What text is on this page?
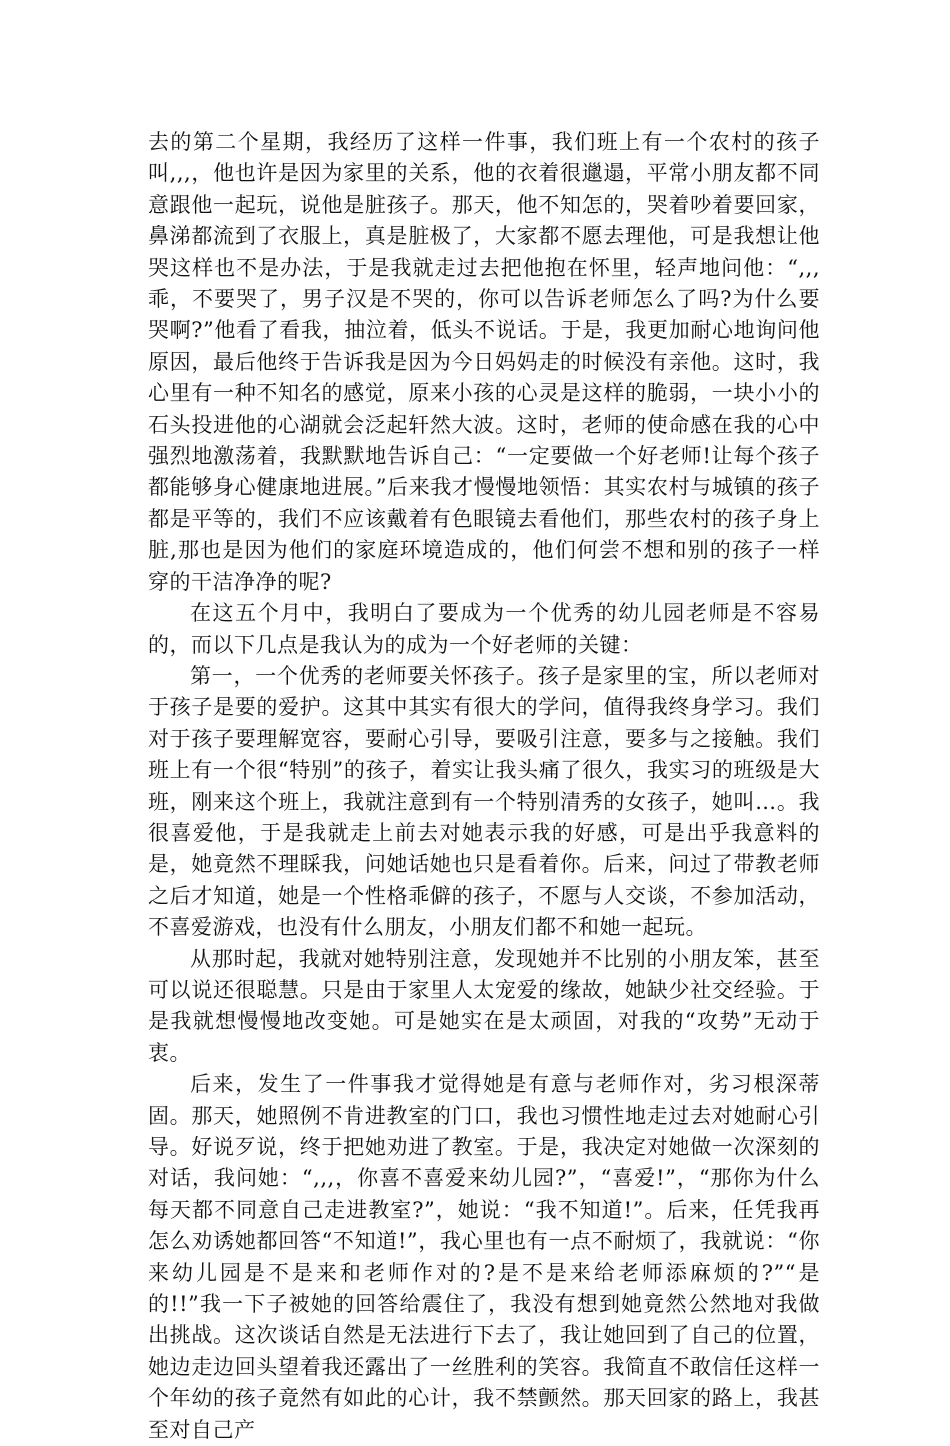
去的第二个星期，我经历了这样一件事，我们班上有一个农村的孩子叫,,,，他也许是因为家里的关系，他的衣着很邋遢，平常小朋友都不同意跟他一起玩，说他是脏孩子。那天，他不知怎的，哭着吵着要回家，鼻涕都流到了衣服上，真是脏极了，大家都不愿去理他，可是我想让他哭这样也不是办法，于是我就走过去把他抱在怀里，轻声地问他：“,,,乖，不要哭了，男子汉是不哭的，你可以告诉老师怎么了吗?为什么要哭啊?”他看了看我，抽泣着，低头不说话。于是，我更加耐心地询问他原因，最后他终于告诉我是因为今日妈妈走的时候没有亲他。这时，我心里有一种不知名的感觉，原来小孩的心灵是这样的脆弱，一块小小的石头投进他的心湖就会泛起轩然大波。这时，老师的使命感在我的心中强烈地激荡着，我默默地告诉自己：“一定要做一个好老师!让每个孩子都能够身心健康地进展。”后来我才慢慢地领悟：其实农村与城镇的孩子都是平等的，我们不应该戴着有色眼镜去看他们，那些农村的孩子身上脏,那也是因为他们的家庭环境造成的，他们何尝不想和别的孩子一样穿的干洁净净的呢?

在这五个月中，我明白了要成为一个优秀的幼儿园老师是不容易的，而以下几点是我认为的成为一个好老师的关键：

第一，一个优秀的老师要关怀孩子。孩子是家里的宝，所以老师对于孩子是要的爱护。这其中其实有很大的学问，值得我终身学习。我们对于孩子要理解宽容，要耐心引导，要吸引注意，要多与之接触。我们班上有一个很“特别”的孩子，着实让我头痛了很久，我实习的班级是大班，刚来这个班上，我就注意到有一个特别清秀的女孩子，她叫…。我很喜爱他，于是我就走上前去对她表示我的好感，可是出乎我意料的是，她竟然不理睬我，问她话她也只是看着你。后来，问过了带教老师之后才知道，她是一个性格乖僻的孩子，不愿与人交谈，不参加活动，不喜爱游戏，也没有什么朋友，小朋友们都不和她一起玩。

从那时起，我就对她特别注意，发现她并不比别的小朋友笨，甚至可以说还很聪慧。只是由于家里人太宠爱的缘故，她缺少社交经验。于是我就想慢慢地改变她。可是她实在是太顽固，对我的“攻势”无动于衷。

后来，发生了一件事我才觉得她是有意与老师作对，劣习根深蒂固。那天，她照例不肯进教室的门口，我也习惯性地走过去对她耐心引导。好说歹说，终于把她劝进了教室。于是，我决定对她做一次深刻的对话，我问她：“,,,，你喜不喜爱来幼儿园?”，“喜爱!”，“那你为什么每天都不同意自己走进教室?”，她说：“我不知道!”。后来，任凭我再怎么劝诱她都回答“不知道!”，我心里也有一点不耐烦了，我就说：“你来幼儿园是不是来和老师作对的?是不是来给老师添麻烦的?”“是的!!”我一下子被她的回答给震住了，我没有想到她竟然公然地对我做出挑战。这次谈话自然是无法进行下去了，我让她回到了自己的位置，她边走边回头望着我还露出了一丝胜利的笑容。我简直不敢信任这样一个年幼的孩子竟然有如此的心计，我不禁颤然。那天回家的路上，我甚至对自己产
